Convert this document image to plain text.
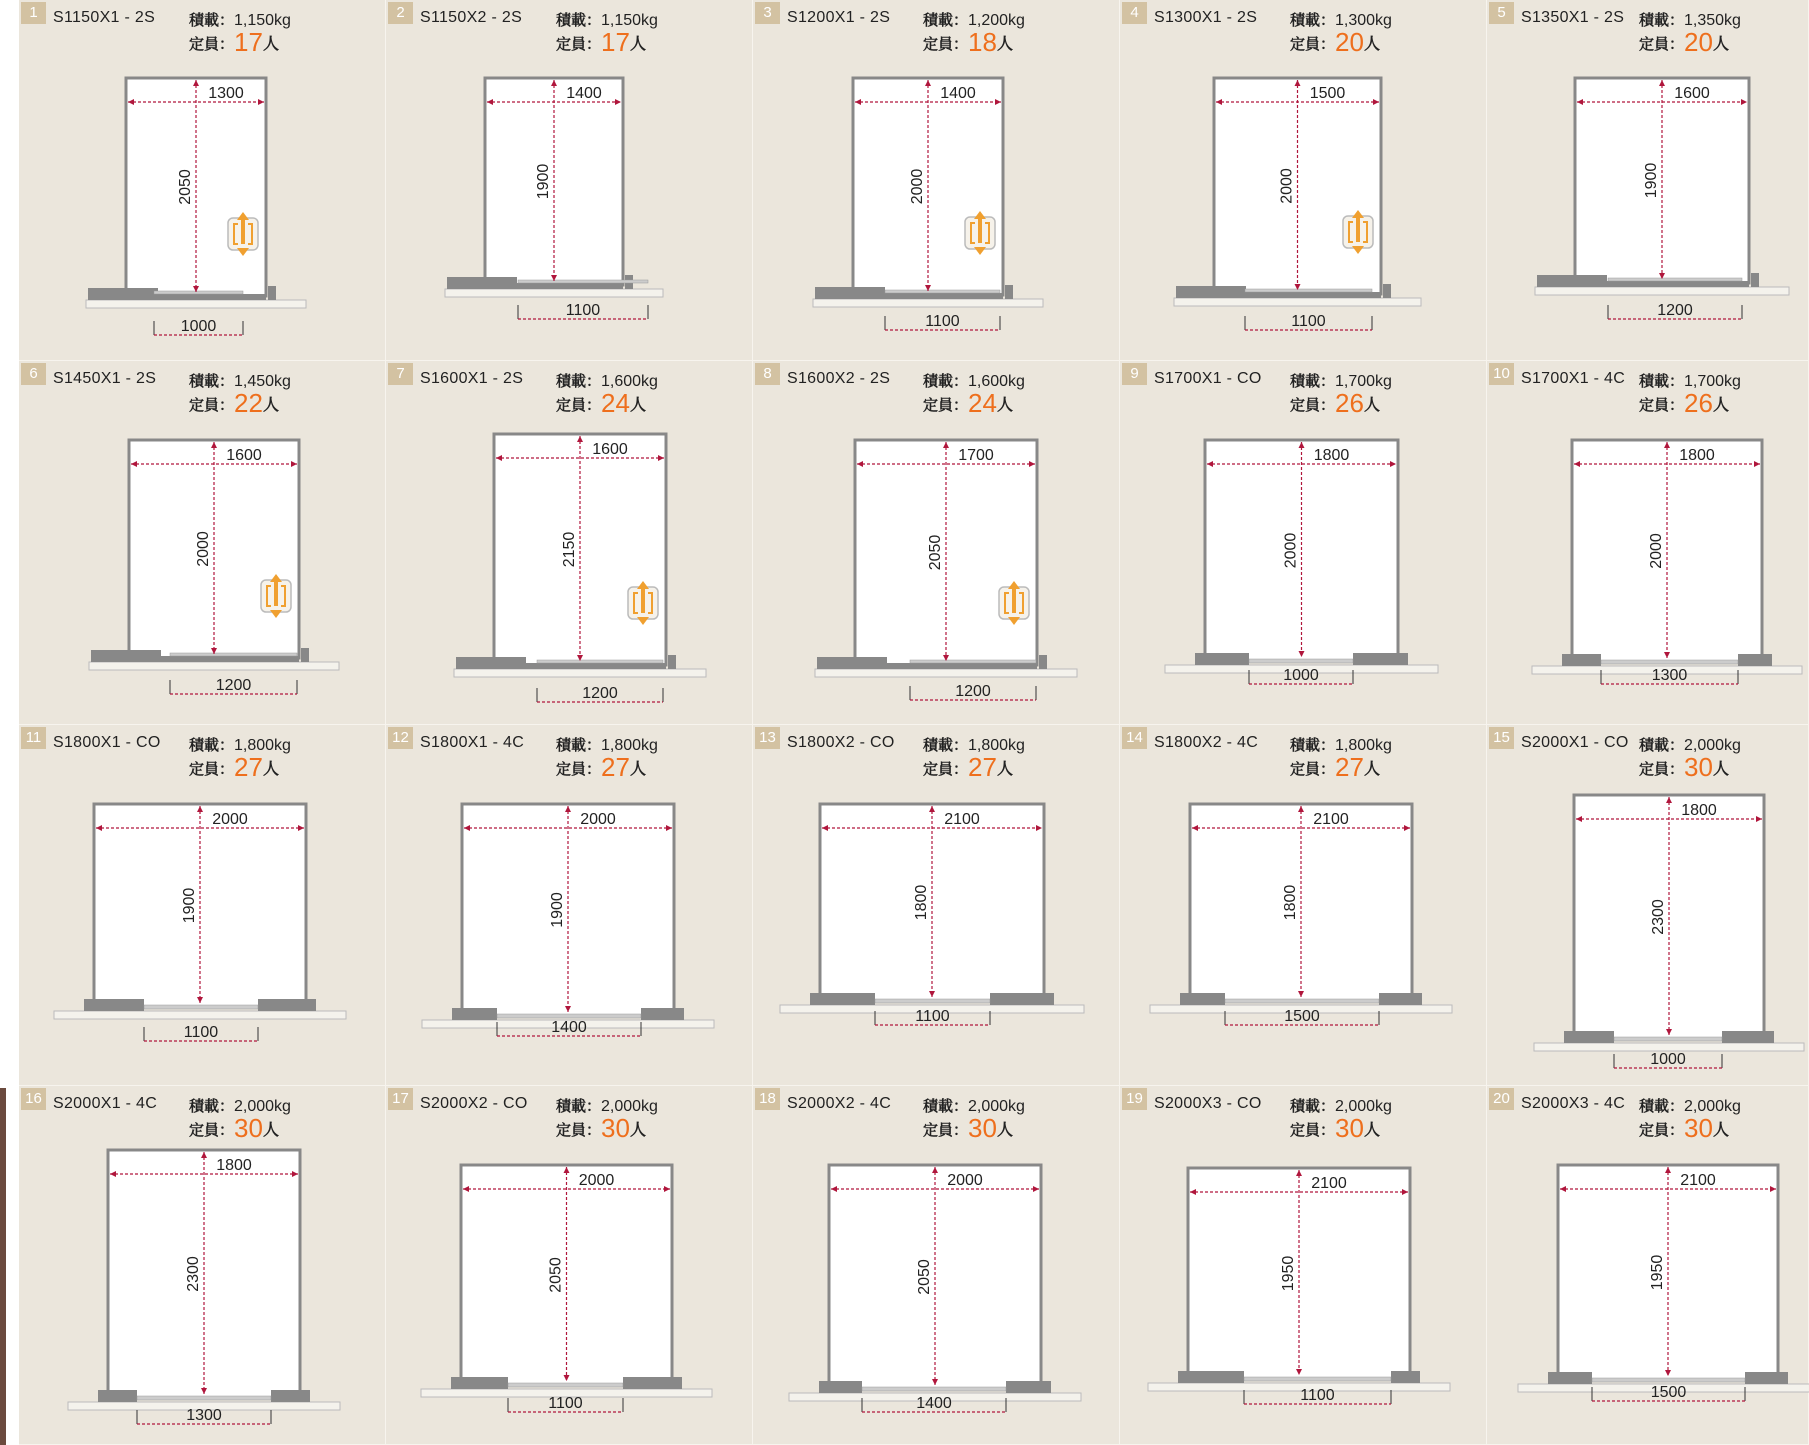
1 S1150X1 - 2S 積載：1,150kg
定員：17人
1300
2050
1000
2 S1150X2 - 2S 積載：1,150kg
定員：17人
1400
1900
1100
3 S1200X1 - 2S 積載：1,200kg
定員：18人
1400
2000
1100
4 S1300X1 - 2S 積載：1,300kg
定員：20人
1500
2000
1100
5 S1350X1 - 2S 積載：1,350kg
定員：20人
1600
1900
1200
6 S1450X1 - 2S 積載：1,450kg
定員：22人
1600
2000
1200
7 S1600X1 - 2S 積載：1,600kg
定員：24人
1600
2150
1200
8 S1600X2 - 2S 積載：1,600kg
定員：24人
1700
2050
1200
9 S1700X1 - CO 積載：1,700kg
定員：26人
1800
2000
1000
10 S1700X1 - 4C 積載：1,700kg
定員：26人
1800
2000
1300
11 S1800X1 - CO 積載：1,800kg
定員：27人
2000
1900
1100
12 S1800X1 - 4C 積載：1,800kg
定員：27人
2000
1900
1400
13 S1800X2 - CO 積載：1,800kg
定員：27人
2100
1800
1100
14 S1800X2 - 4C 積載：1,800kg
定員：27人
2100
1800
1500
15 S2000X1 - CO 積載：2,000kg
定員：30人
1800
2300
1000
16 S2000X1 - 4C 積載：2,000kg
定員：30人
1800
2300
1300
17 S2000X2 - CO 積載：2,000kg
定員：30人
2000
2050
1100
18 S2000X2 - 4C 積載：2,000kg
定員：30人
2000
2050
1400
19 S2000X3 - CO 積載：2,000kg
定員：30人
2100
1950
1100
20 S2000X3 - 4C 積載：2,000kg
定員：30人
2100
1950
1500
